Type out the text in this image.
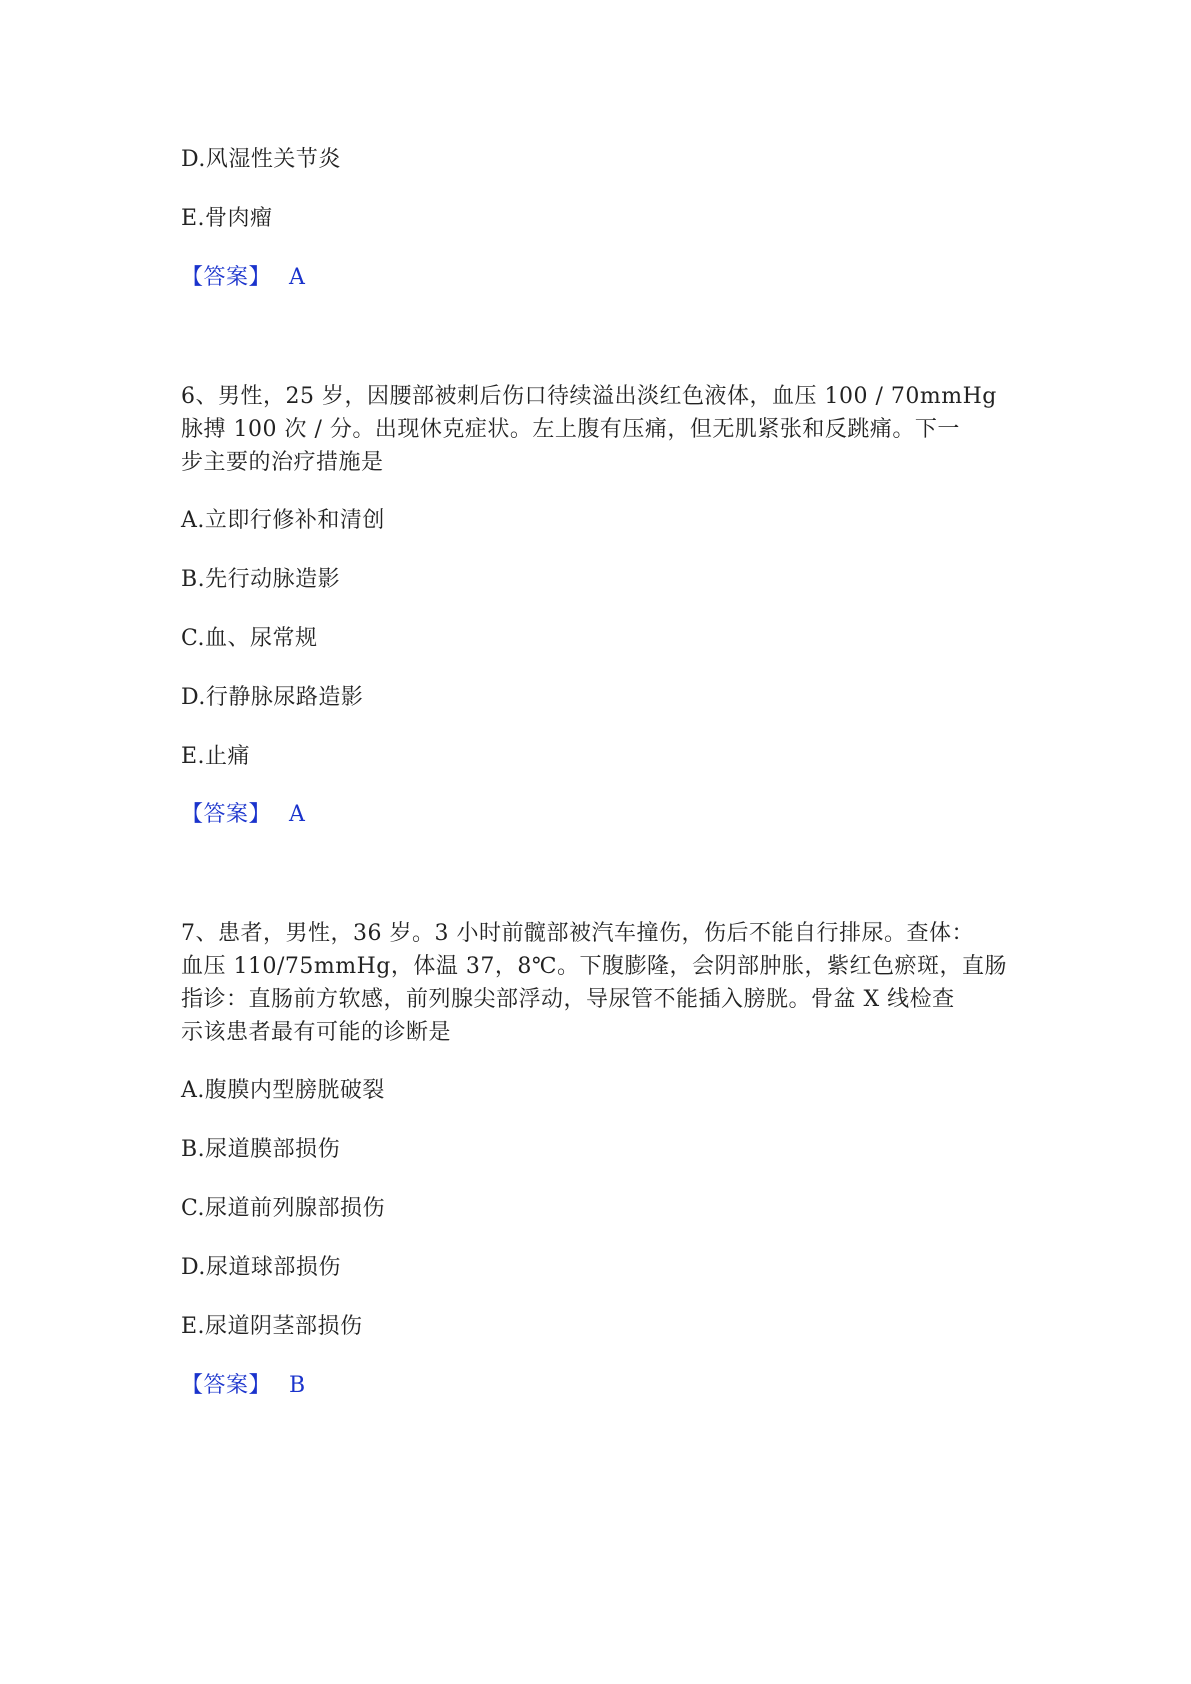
D.风湿性关节炎
E.骨肉瘤
【答案】 A
6、男性，25 岁，因腰部被刺后伤口待续溢出淡红色液体，血压 100 / 70mmHg
脉搏 100 次 / 分。出现休克症状。左上腹有压痛，但无肌紧张和反跳痛。下一
步主要的治疗措施是
A.立即行修补和清创
B.先行动脉造影
C.血、尿常规
D.行静脉尿路造影
E.止痛
【答案】 A
7、患者，男性，36 岁。3 小时前髋部被汽车撞伤，伤后不能自行排尿。查体：
血压 110/75mmHg，体温 37，8℃。下腹膨隆，会阴部肿胀，紫红色瘀斑，直肠
指诊：直肠前方软感，前列腺尖部浮动，导尿管不能插入膀胱。骨盆 X 线检查
示该患者最有可能的诊断是
A.腹膜内型膀胱破裂
B.尿道膜部损伤
C.尿道前列腺部损伤
D.尿道球部损伤
E.尿道阴茎部损伤
【答案】 B
